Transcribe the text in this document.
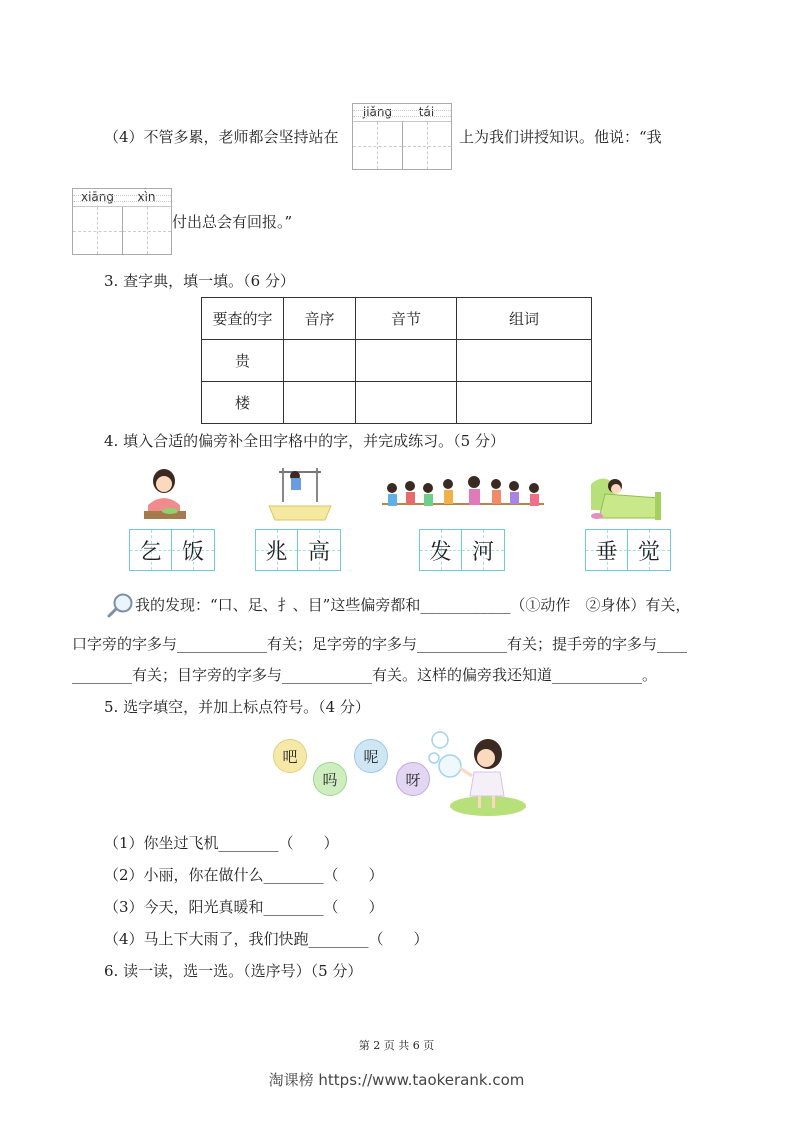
（4）不管多累，老师都会坚持站在
jiǎng	tái
上为我们讲授知识。他说：“我
xiāng	xìn
付出总会有回报。”
3. 查字典，填一填。（6 分）
要查的字	音序	音节	组词
贵			
楼			
4. 填入合适的偏旁补全田字格中的字，并完成练习。（5 分）
乞 饭	兆 高	发 河	垂 觉
我的发现：“口、足、扌、目”这些偏旁都和____________（①动作　②身体）有关，
口字旁的字多与____________有关；足字旁的字多与____________有关；提手旁的字多与____
________有关；目字旁的字多与____________有关。这样的偏旁我还知道____________。
5. 选字填空，并加上标点符号。（4 分）
吧	呢
吗	呀
（1）你坐过飞机________（　　）
（2）小丽，你在做什么________（　　）
（3）今天，阳光真暖和________（　　）
（4）马上下大雨了，我们快跑________（　　）
6. 读一读，选一选。（选序号）（5 分）
第 2 页 共 6 页
淘课榜 https://www.taokerank.com
